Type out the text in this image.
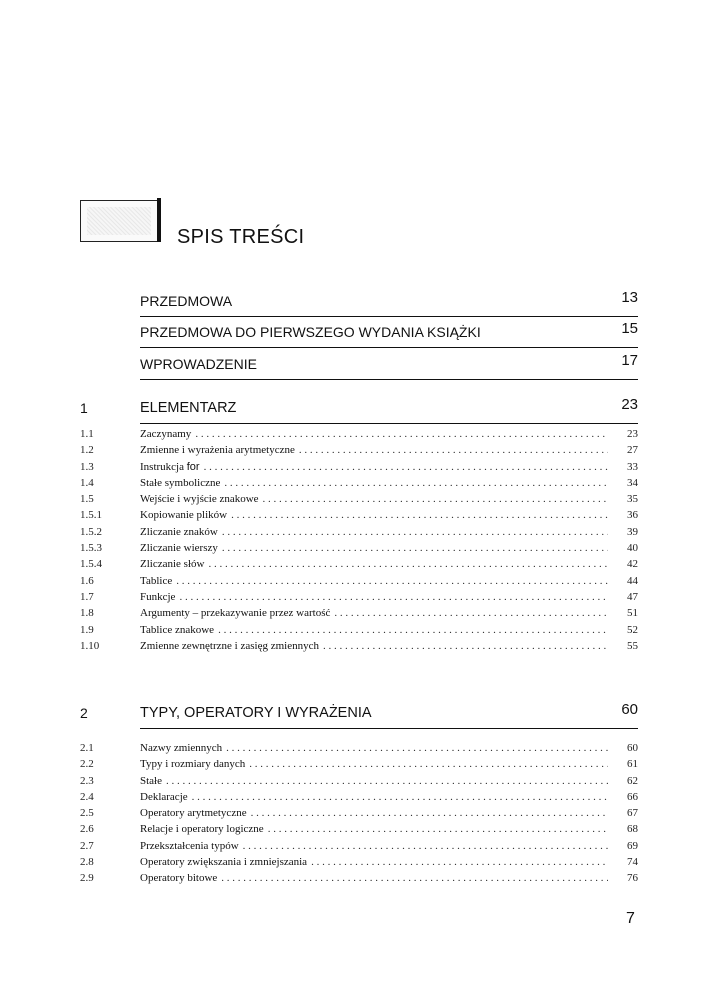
SPIS TREŚCI
PRZEDMOWA	13
PRZEDMOWA DO PIERWSZEGO WYDANIA KSIĄŻKI	15
WPROWADZENIE	17
1	ELEMENTARZ	23
1.1	Zaczynamy . . .	23
1.2	Zmienne i wyrażenia arytmetyczne . . .	27
1.3	Instrukcja for . . .	33
1.4	Stałe symboliczne . . .	34
1.5	Wejście i wyjście znakowe . . .	35
1.5.1	Kopiowanie plików . . .	36
1.5.2	Zliczanie znaków . . .	39
1.5.3	Zliczanie wierszy . . .	40
1.5.4	Zliczanie słów . . .	42
1.6	Tablice . . .	44
1.7	Funkcje . . .	47
1.8	Argumenty – przekazywanie przez wartość . . .	51
1.9	Tablice znakowe . . .	52
1.10	Zmienne zewnętrzne i zasięg zmiennych . . .	55
2	TYPY, OPERATORY I WYRAŻENIA	60
2.1	Nazwy zmiennych . . .	60
2.2	Typy i rozmiary danych . . .	61
2.3	Stałe . . .	62
2.4	Deklaracje . . .	66
2.5	Operatory arytmetyczne . . .	67
2.6	Relacje i operatory logiczne . . .	68
2.7	Przekształcenia typów . . .	69
2.8	Operatory zwiększania i zmniejszania . . .	74
2.9	Operatory bitowe . . .	76
7
